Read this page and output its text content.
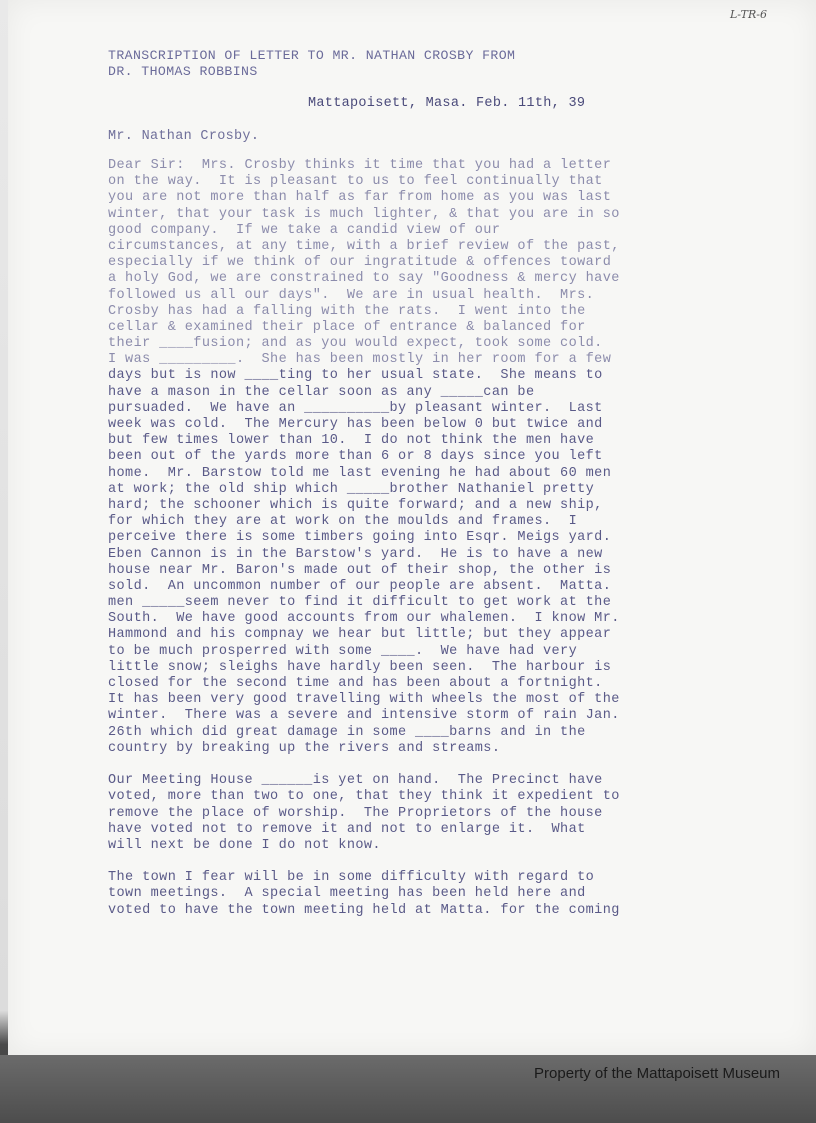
L-TR-6
TRANSCRIPTION OF LETTER TO MR. NATHAN CROSBY FROM
DR. THOMAS ROBBINS
Mattapoisett, Masa. Feb. 11th, 39
Mr. Nathan Crosby.
Dear Sir:  Mrs. Crosby thinks it time that you had a letter
on the way.  It is pleasant to us to feel continually that
you are not more than half as far from home as you was last
winter, that your task is much lighter, & that you are in so
good company.  If we take a candid view of our
circumstances, at any time, with a brief review of the past,
especially if we think of our ingratitude & offences toward
a holy God, we are constrained to say "Goodness & mercy have
followed us all our days".  We are in usual health.  Mrs.
Crosby has had a falling with the rats.  I went into the
cellar & examined their place of entrance & balanced for
their ____fusion; and as you would expect, took some cold.
I was _________.  She has been mostly in her room for a few
days but is now ____ting to her usual state.  She means to
have a mason in the cellar soon as any _____can be
pursuaded.  We have an __________by pleasant winter.  Last
week was cold.  The Mercury has been below 0 but twice and
but few times lower than 10.  I do not think the men have
been out of the yards more than 6 or 8 days since you left
home.  Mr. Barstow told me last evening he had about 60 men
at work; the old ship which _____brother Nathaniel pretty
hard; the schooner which is quite forward; and a new ship,
for which they are at work on the moulds and frames.  I
perceive there is some timbers going into Esqr. Meigs yard.
Eben Cannon is in the Barstow's yard.  He is to have a new
house near Mr. Baron's made out of their shop, the other is
sold.  An uncommon number of our people are absent.  Matta.
men _____seem never to find it difficult to get work at the
South.  We have good accounts from our whalemen.  I know Mr.
Hammond and his compnay we hear but little; but they appear
to be much prosperred with some ____.  We have had very
little snow; sleighs have hardly been seen.  The harbour is
closed for the second time and has been about a fortnight.
It has been very good travelling with wheels the most of the
winter.  There was a severe and intensive storm of rain Jan.
26th which did great damage in some ____barns and in the
country by breaking up the rivers and streams.
Our Meeting House ______is yet on hand.  The Precinct have
voted, more than two to one, that they think it expedient to
remove the place of worship.  The Proprietors of the house
have voted not to remove it and not to enlarge it.  What
will next be done I do not know.
The town I fear will be in some difficulty with regard to
town meetings.  A special meeting has been held here and
voted to have the town meeting held at Matta. for the coming
Property of the Mattapoisett Museum
